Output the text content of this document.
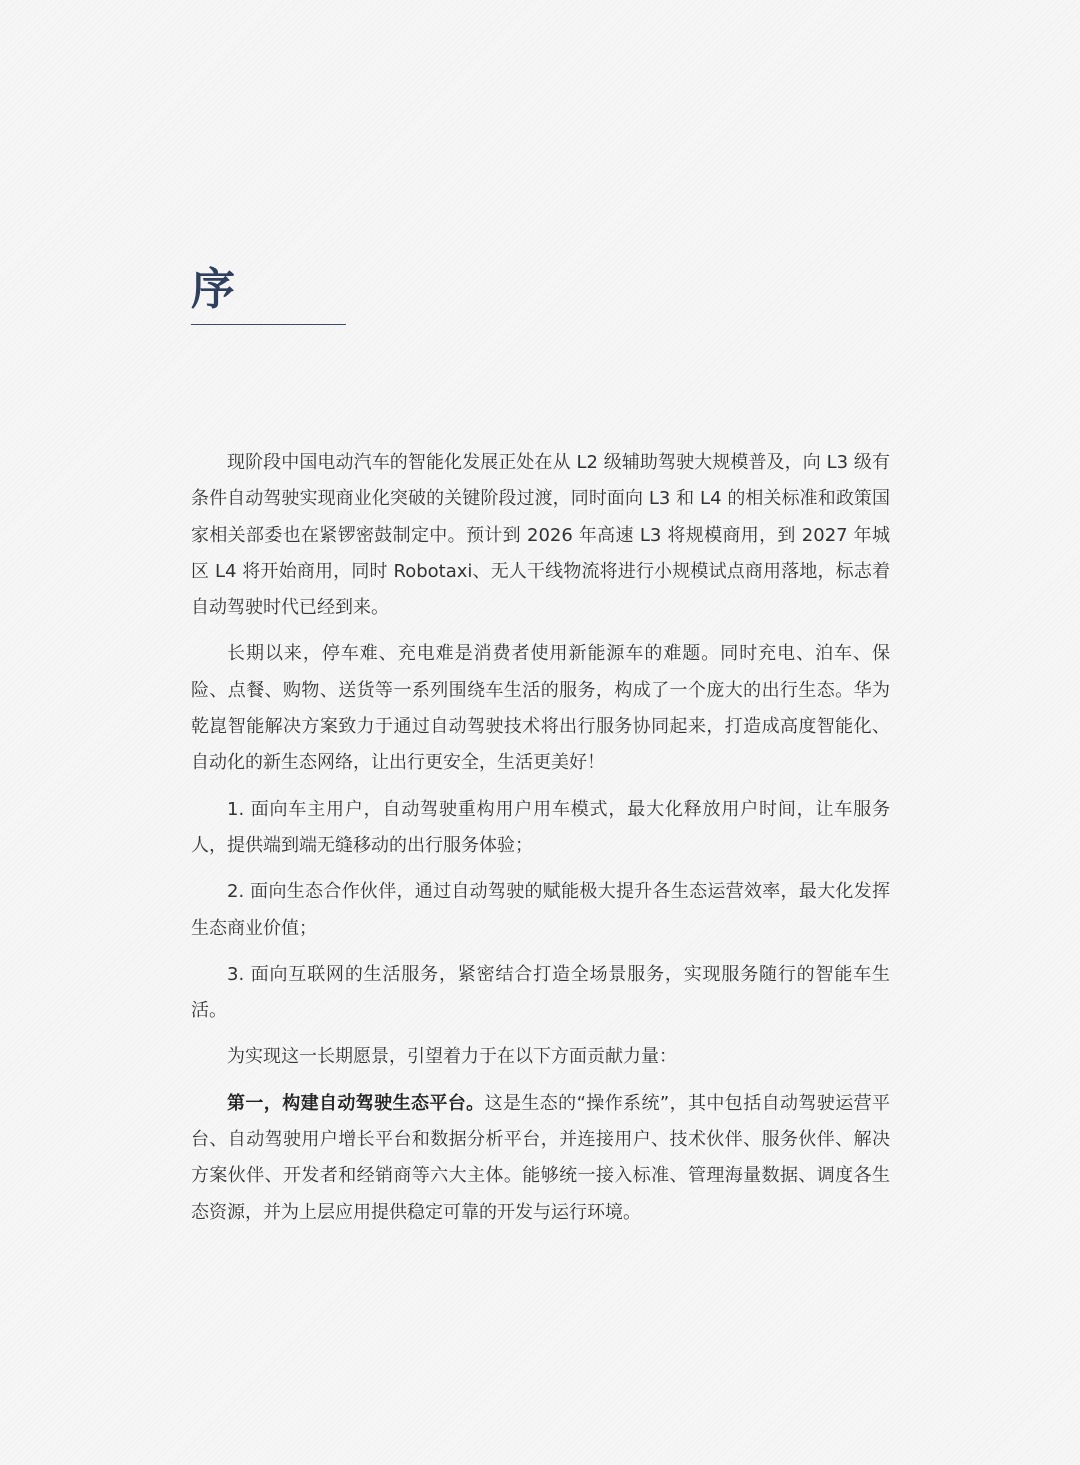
序

现阶段中国电动汽车的智能化发展正处在从 L2 级辅助驾驶大规模普及，向 L3 级有条件自动驾驶实现商业化突破的关键阶段过渡，同时面向 L3 和 L4 的相关标准和政策国家相关部委也在紧锣密鼓制定中。预计到 2026 年高速 L3 将规模商用，到 2027 年城区 L4 将开始商用，同时 Robotaxi、无人干线物流将进行小规模试点商用落地，标志着自动驾驶时代已经到来。

长期以来，停车难、充电难是消费者使用新能源车的难题。同时充电、泊车、保险、点餐、购物、送货等一系列围绕车生活的服务，构成了一个庞大的出行生态。华为乾崑智能解决方案致力于通过自动驾驶技术将出行服务协同起来，打造成高度智能化、自动化的新生态网络，让出行更安全，生活更美好！

1. 面向车主用户，自动驾驶重构用户用车模式，最大化释放用户时间，让车服务人，提供端到端无缝移动的出行服务体验；

2. 面向生态合作伙伴，通过自动驾驶的赋能极大提升各生态运营效率，最大化发挥生态商业价值；

3. 面向互联网的生活服务，紧密结合打造全场景服务，实现服务随行的智能车生活。

为实现这一长期愿景，引望着力于在以下方面贡献力量：

第一，构建自动驾驶生态平台。这是生态的“操作系统”，其中包括自动驾驶运营平台、自动驾驶用户增长平台和数据分析平台，并连接用户、技术伙伴、服务伙伴、解决方案伙伴、开发者和经销商等六大主体。能够统一接入标准、管理海量数据、调度各生态资源，并为上层应用提供稳定可靠的开发与运行环境。
